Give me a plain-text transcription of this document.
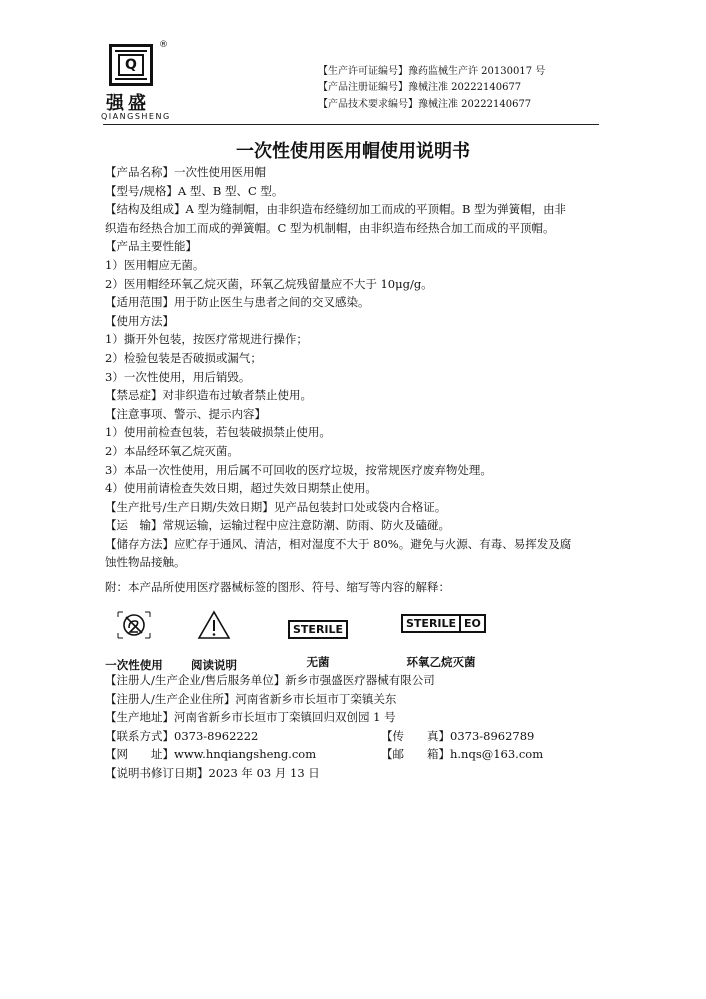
Q
®
强盛
QIANGSHENG
【生产许可证编号】豫药监械生产许 20130017 号
【产品注册证编号】豫械注准 20222140677
【产品技术要求编号】豫械注准 20222140677
一次性使用医用帽使用说明书

【产品名称】一次性使用医用帽

【型号/规格】A 型、B 型、C 型。

【结构及组成】A 型为缝制帽，由非织造布经缝纫加工而成的平顶帽。B 型为弹簧帽，由非

织造布经热合加工而成的弹簧帽。C 型为机制帽，由非织造布经热合加工而成的平顶帽。

【产品主要性能】

1）医用帽应无菌。

2）医用帽经环氧乙烷灭菌，环氧乙烷残留量应不大于 10μg/g。

【适用范围】用于防止医生与患者之间的交叉感染。

【使用方法】

1）撕开外包装，按医疗常规进行操作；

2）检验包装是否破损或漏气；

3）一次性使用，用后销毁。

【禁忌症】对非织造布过敏者禁止使用。

【注意事项、警示、提示内容】

1）使用前检查包装，若包装破损禁止使用。

2）本品经环氧乙烷灭菌。

3）本品一次性使用，用后属不可回收的医疗垃圾，按常规医疗废弃物处理。

4）使用前请检查失效日期，超过失效日期禁止使用。

【生产批号/生产日期/失效日期】见产品包装封口处或袋内合格证。

【运　输】常规运输，运输过程中应注意防潮、防雨、防火及磕碰。

【储存方法】应贮存于通风、清洁，相对湿度不大于 80%。避免与火源、有毒、易挥发及腐

蚀性物品接触。

附：本产品所使用医疗器械标签的图形、符号、缩写等内容的解释：

一次性使用	阅读说明
STERILE
无菌
STERILE EO
环氧乙烷灭菌

【注册人/生产企业/售后服务单位】新乡市强盛医疗器械有限公司

【注册人/生产企业住所】河南省新乡市长垣市丁栾镇关东

【生产地址】河南省新乡市长垣市丁栾镇回归双创园 1 号

【联系方式】0373-8962222	【传　　真】0373-8962789
【网　　址】www.hnqiangsheng.com	【邮　　箱】h.nqs@163.com

【说明书修订日期】2023 年 03 月 13 日
